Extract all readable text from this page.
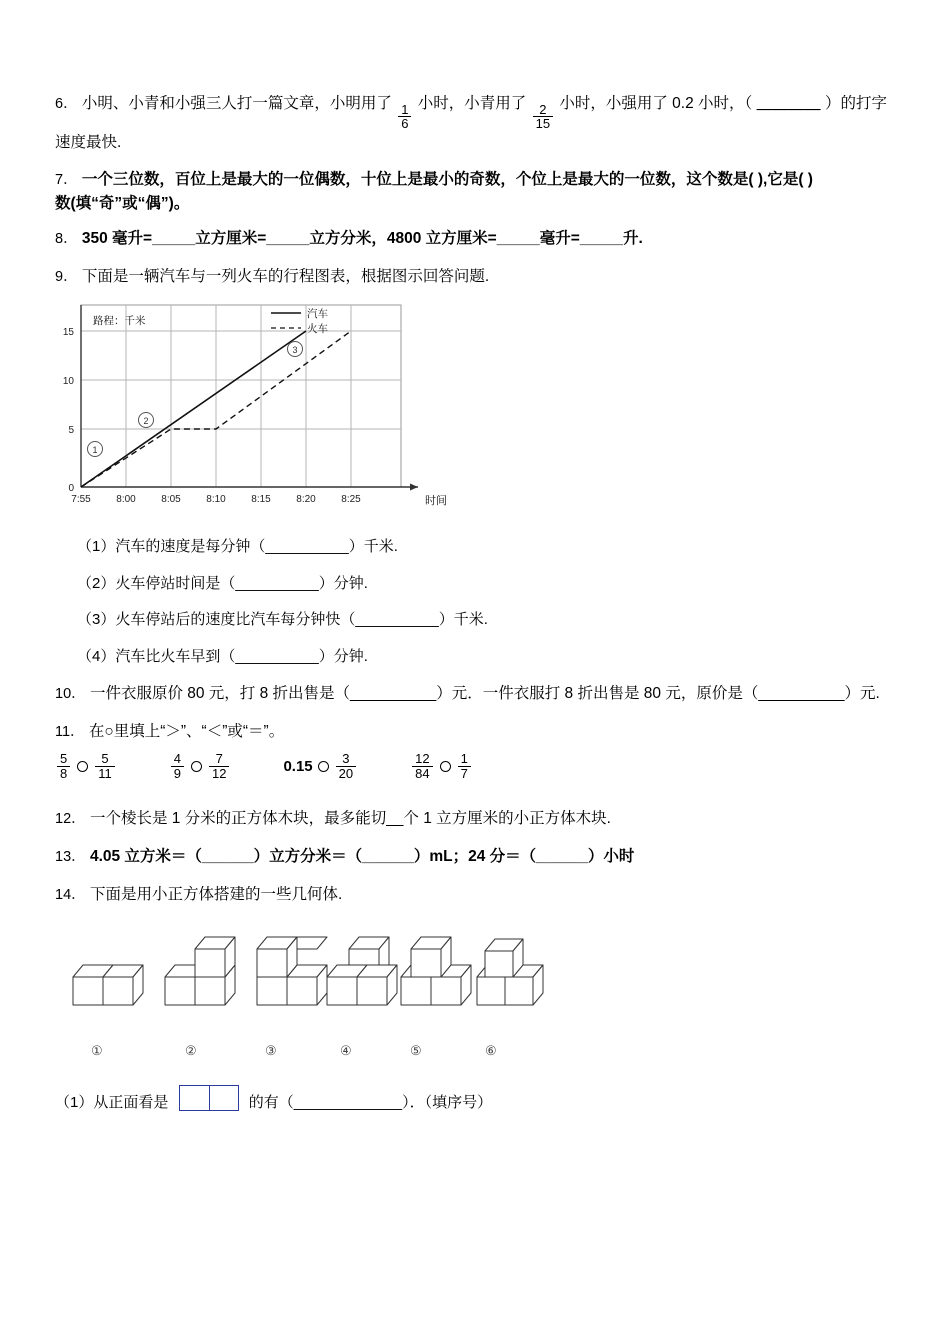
6． 小明、小青和小强三人打一篇文章，小明用了 $\frac{1}{6}$ 小时，小青用了 $\frac{2}{15}$ 小时，小强用了 0.2 小时，（ ＿＿＿＿ ）的打字速度最快.
7． 一个三位数，百位上是最大的一位偶数，十位上是最小的奇数，个位上是最大的一位数，这个数是( ),它是( )
数(填“奇”或“偶”)。
8． 350 毫升=_____立方厘米=_____立方分米，4800 立方厘米=_____毫升=_____升.
9． 下面是一辆汽车与一列火车的行程图表，根据图示回答问题.
0
5
10
15
7:55	8:00	8:05	8:10	8:15	8:20	8:25	时间
路程：千米
汽车
火车
1
2
3
（1）汽车的速度是每分钟（__________）千米.
（2）火车停站时间是（__________）分钟.
（3）火车停站后的速度比汽车每分钟快（__________）千米.
（4）汽车比火车早到（__________）分钟.
10． 一件衣服原价 80 元，打 8 折出售是（__________）元．一件衣服打 8 折出售是 80 元，原价是（__________）元.
11． 在○里填上“＞”、“＜”或“＝”。
$\frac{5}{8} \frac{5}{11}$	$\frac{4}{9} \frac{7}{12}$	$0.15 \frac{3}{20}$	$\frac{12}{84} \frac{1}{7}$
12． 一个棱长是 1 分米的正方体木块，最多能切__个 1 立方厘米的小正方体木块.
13． 4.05 立方米＝（______）立方分米＝（______）mL；24 分＝（______）小时
14． 下面是用小正方体搭建的一些几何体.
①	②	③	④	⑤	⑥
（1）从正面看是	的有（_____________）．（填序号）
